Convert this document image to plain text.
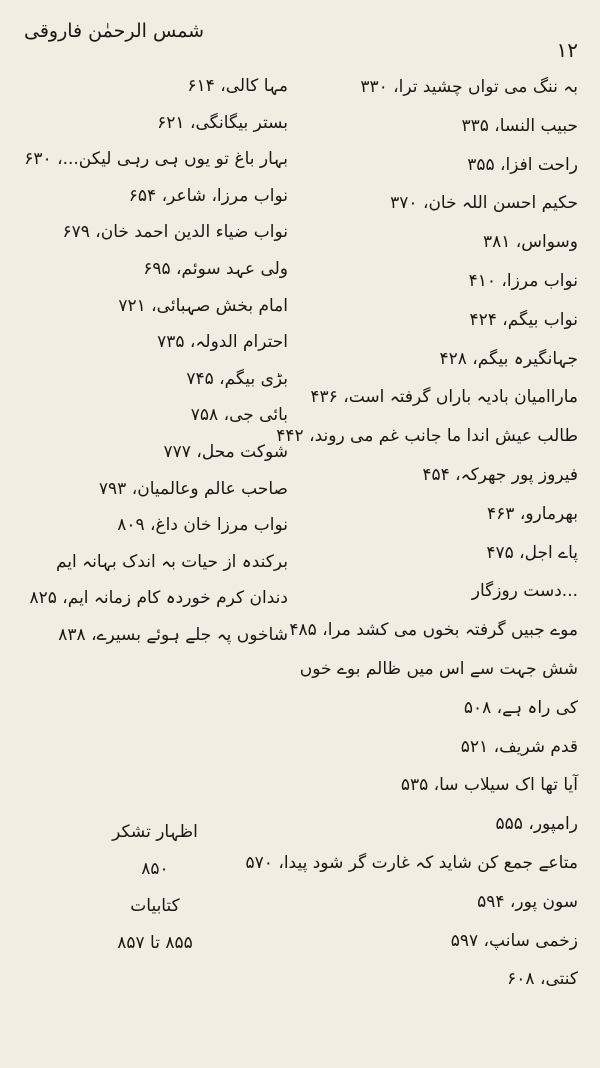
شمس الرحمٰن فاروقی
۱۲
بہ ننگ می تواں چشید ترا، ۳۳۰
حبیب النسا، ۳۳۵
راحت افزا، ۳۵۵
حکیم احسن اللہ خان، ۳۷۰
وسواس، ۳۸۱
نواب مرزا، ۴۱۰
نواب بیگم، ۴۲۴
جہانگیرہ بیگم، ۴۲۸
ماراامیان بادیہ باراں گرفتہ است، ۴۳۶
طالب عیش اندا ما جانب غم می روند، ۴۴۲
فیروز پور جھرکہ، ۴۵۴
بھرمارو، ۴۶۳
پاے اجل، ۴۷۵
...دست روزگار
موے جبیں گرفتہ بخوں می کشد مرا، ۴۸۵
شش جہت سے اس میں ظالم بوے خوں
کی راہ ہے، ۵۰۸
قدم شریف، ۵۲۱
آیا تھا اک سیلاب سا، ۵۳۵
رامپور، ۵۵۵
متاعے جمع کن شاید کہ غارت گر شود پیدا، ۵۷۰
سون پور، ۵۹۴
زخمی سانپ، ۵۹۷
کنتی، ۶۰۸
مہا کالی، ۶۱۴
بستر بیگانگی، ۶۲۱
بہار باغ تو یوں ہی رہی لیکن...، ۶۳۰
نواب مرزا، شاعر، ۶۵۴
نواب ضیاء الدین احمد خان، ۶۷۹
ولی عہد سوئم، ۶۹۵
امام بخش صہبائی، ۷۲۱
احترام الدولہ، ۷۳۵
بڑی بیگم، ۷۴۵
بائی جی، ۷۵۸
شوکت محل، ۷۷۷
صاحب عالم وعالمیان، ۷۹۳
نواب مرزا خان داغ، ۸۰۹
برکندہ از حیات بہ اندک بہانہ ایم
دندان کرم خوردہ کام زمانہ ایم، ۸۲۵
شاخوں پہ جلے ہوئے بسیرے، ۸۳۸
اظہار تشکر
۸۵۰
کتابیات
۸۵۵ تا ۸۵۷
